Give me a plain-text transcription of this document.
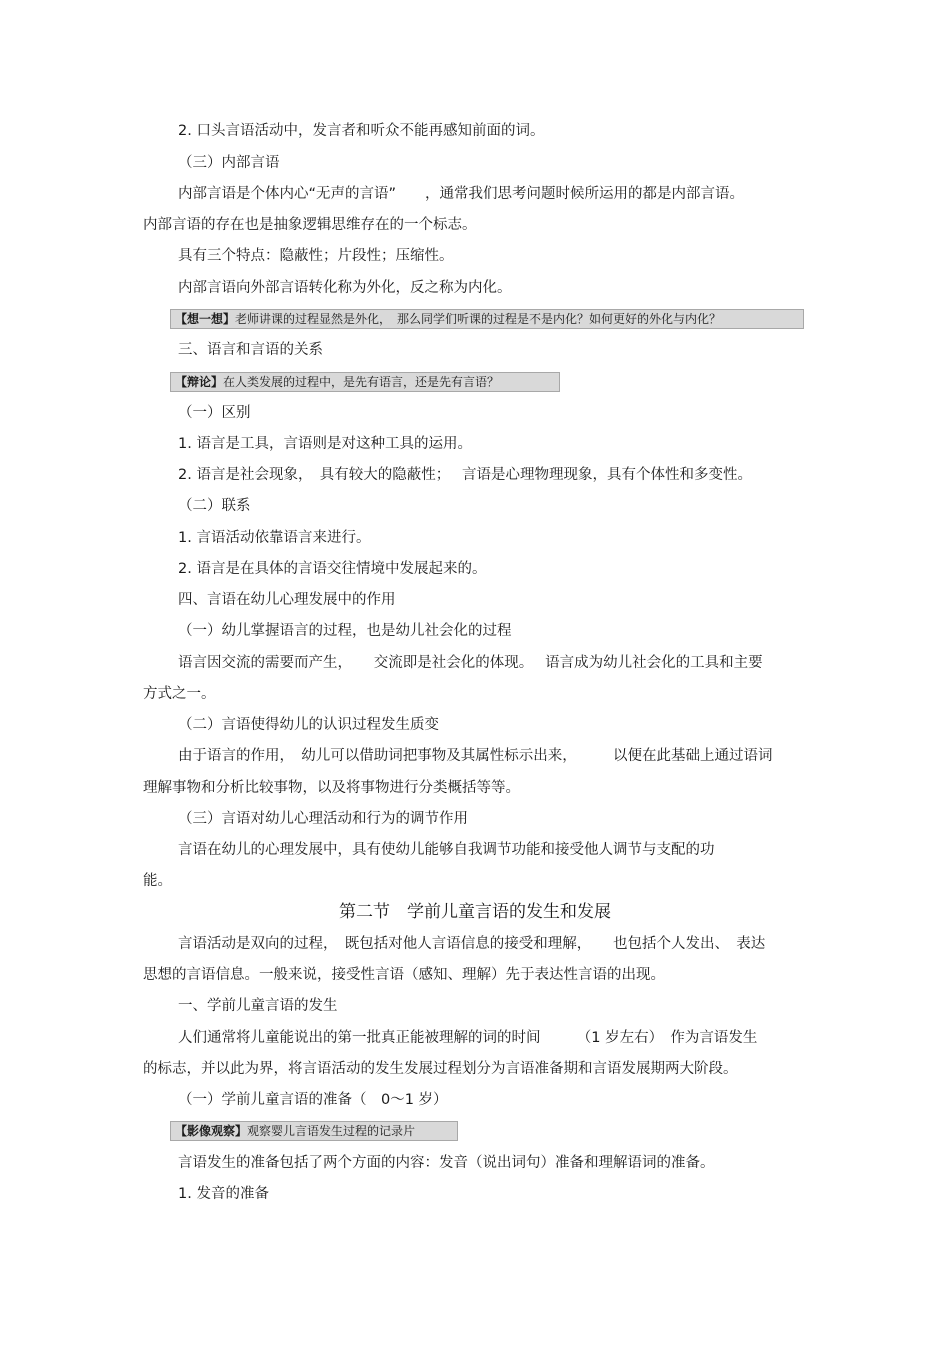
2. 口头言语活动中，发言者和听众不能再感知前面的词。
（三）内部言语
内部言语是个体内心“无声的言语”　　，通常我们思考问题时候所运用的都是内部言语。
内部言语的存在也是抽象逻辑思维存在的一个标志。
具有三个特点：隐蔽性；片段性；压缩性。
内部言语向外部言语转化称为外化，反之称为内化。
【想一想】老师讲课的过程显然是外化，　那么同学们听课的过程是不是内化？如何更好的外化与内化？
三、语言和言语的关系
【辩论】在人类发展的过程中，是先有语言，还是先有言语？
（一）区别
1. 语言是工具，言语则是对这种工具的运用。
2. 语言是社会现象，　具有较大的隐蔽性；　 言语是心理物理现象，具有个体性和多变性。
（二）联系
1. 言语活动依靠语言来进行。
2. 语言是在具体的言语交往情境中发展起来的。
四、言语在幼儿心理发展中的作用
（一）幼儿掌握语言的过程，也是幼儿社会化的过程
语言因交流的需要而产生，　　交流即是社会化的体现。　 语言成为幼儿社会化的工具和主要
方式之一。
（二）言语使得幼儿的认识过程发生质变
由于语言的作用，　幼儿可以借助词把事物及其属性标示出来，　　　以便在此基础上通过语词
理解事物和分析比较事物，以及将事物进行分类概括等等。
（三）言语对幼儿心理活动和行为的调节作用
言语在幼儿的心理发展中，具有使幼儿能够自我调节功能和接受他人调节与支配的功
能。
第二节　学前儿童言语的发生和发展
言语活动是双向的过程，　既包括对他人言语信息的接受和理解，　　也包括个人发出、　表达
思想的言语信息。一般来说，接受性言语（感知、理解）先于表达性言语的出现。
一、学前儿童言语的发生
人们通常将儿童能说出的第一批真正能被理解的词的时间　　　（1 岁左右）　作为言语发生
的标志，并以此为界，将言语活动的发生发展过程划分为言语准备期和言语发展期两大阶段。
（一）学前儿童言语的准备（　0～1 岁）
【影像观察】观察婴儿言语发生过程的记录片
言语发生的准备包括了两个方面的内容：发音（说出词句）准备和理解语词的准备。
1. 发音的准备
